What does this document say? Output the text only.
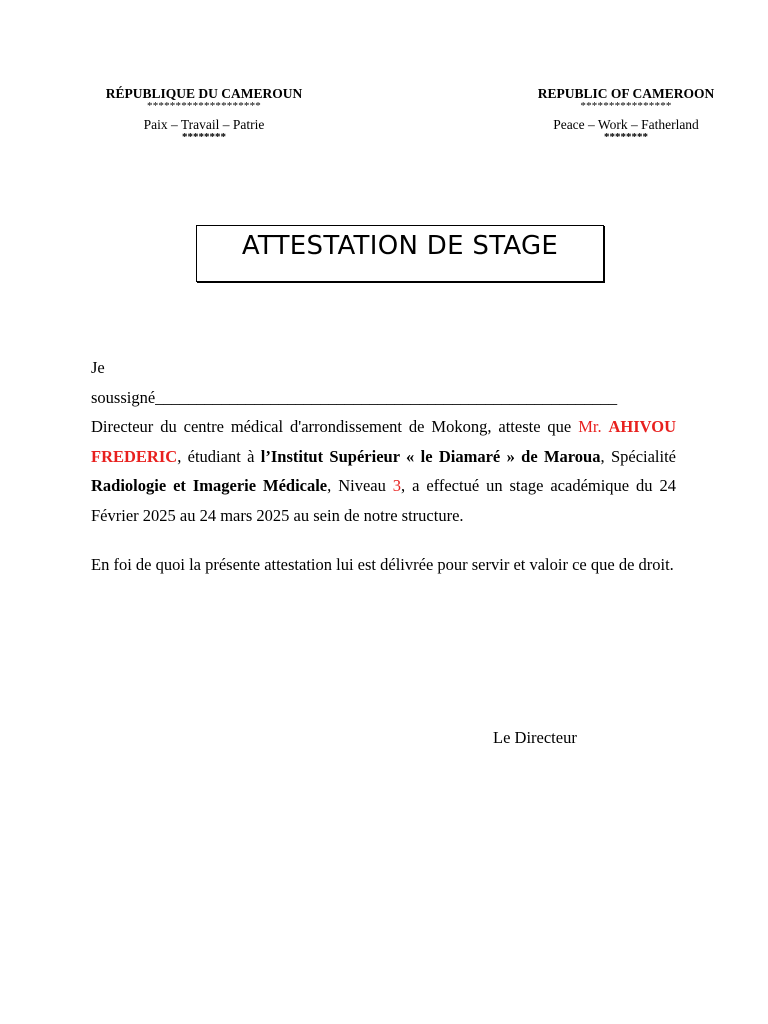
RÉPUBLIQUE DU CAMEROUN
********************
Paix – Travail – Patrie
********
REPUBLIC OF CAMEROON
****************
Peace – Work – Fatherland
********
ATTESTATION DE STAGE
Je
soussigné________________________________________________________
Directeur du centre médical d'arrondissement de Mokong, atteste que Mr. AHIVOU FREDERIC, étudiant à l’Institut Supérieur « le Diamaré » de Maroua, Spécialité Radiologie et Imagerie Médicale, Niveau 3, a effectué un stage académique du 24 Février 2025 au 24 mars 2025 au sein de notre structure.
En foi de quoi la présente attestation lui est délivrée pour servir et valoir ce que de droit.
Le Directeur
